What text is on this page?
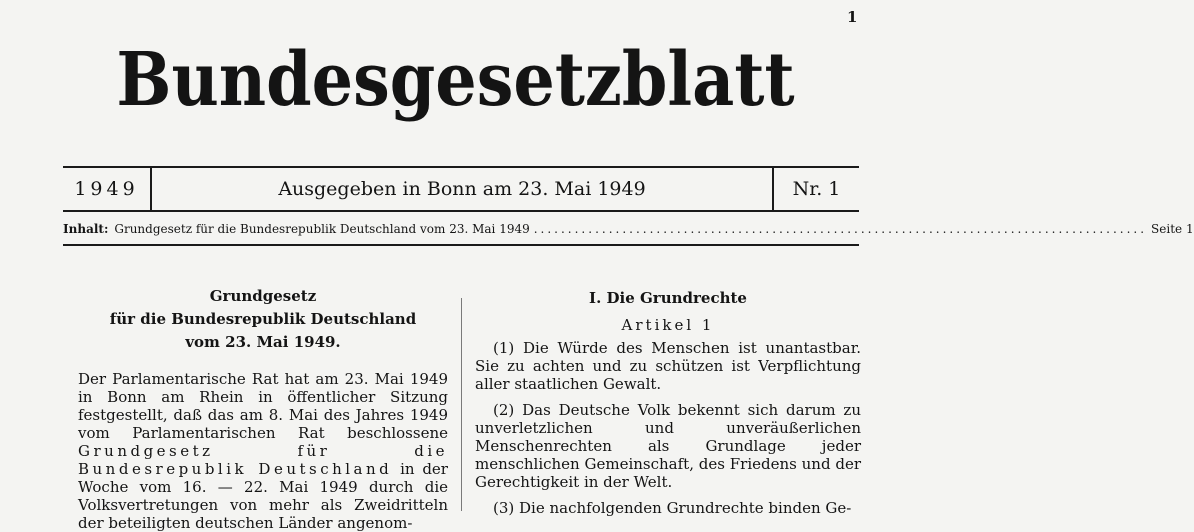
1
Bundesgesetzblatt
1949	Ausgegeben in Bonn am 23. Mai 1949	Nr. 1
Inhalt: Grundgesetz für die Bundesrepublik Deutschland vom 23. Mai 1949 .......................................................................................... Seite 1
Grundgesetz
für die Bundesrepublik Deutschland
vom 23. Mai 1949.
Der Parlamentarische Rat hat am 23. Mai 1949 in Bonn am Rhein in öffentlicher Sitzung festgestellt, daß das am 8. Mai des Jahres 1949 vom Parlamentarischen Rat beschlossene Grundgesetz für die Bundesrepublik Deutschland in der Woche vom 16. — 22. Mai 1949 durch die Volksvertretungen von mehr als Zweidritteln der beteiligten deutschen Länder angenom-
I. Die Grundrechte
Artikel 1
(1) Die Würde des Menschen ist unantastbar. Sie zu achten und zu schützen ist Verpflichtung aller staatlichen Gewalt.
(2) Das Deutsche Volk bekennt sich darum zu unverletzlichen und unveräußerlichen Menschenrechten als Grundlage jeder menschlichen Gemeinschaft, des Friedens und der Gerechtigkeit in der Welt.
(3) Die nachfolgenden Grundrechte binden Ge-
